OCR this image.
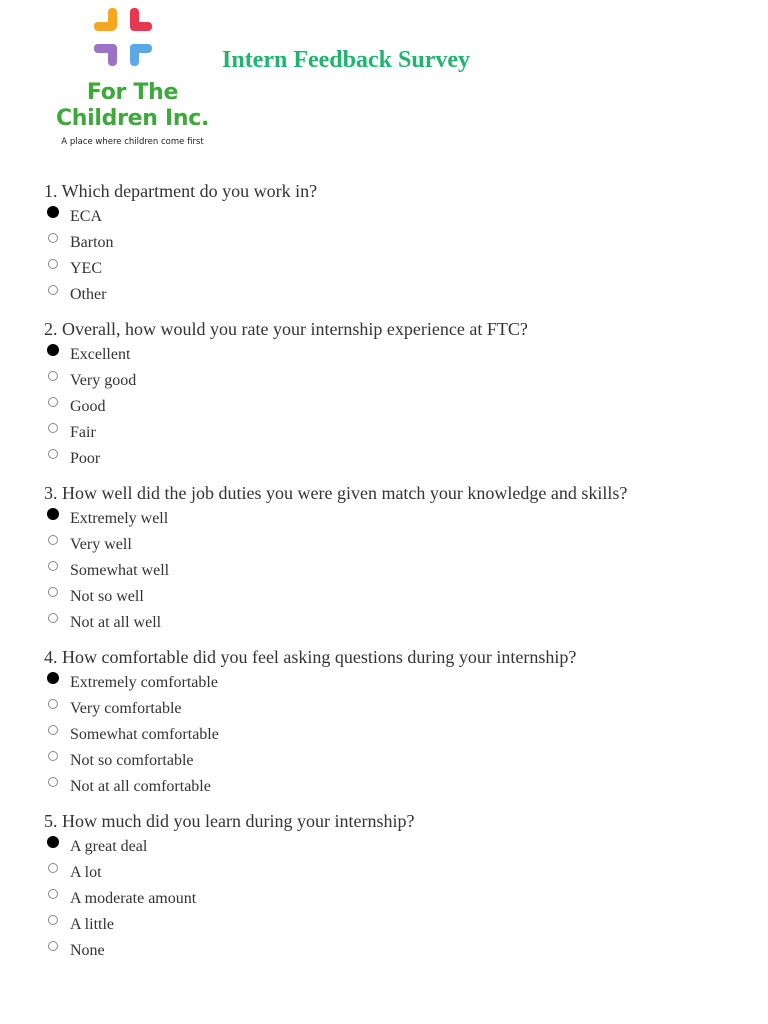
For The
Children Inc.
A place where children come first
Intern Feedback Survey
1. Which department do you work in?
ECA
Barton
YEC
Other
2. Overall, how would you rate your internship experience at FTC?
Excellent
Very good
Good
Fair
Poor
3. How well did the job duties you were given match your knowledge and skills?
Extremely well
Very well
Somewhat well
Not so well
Not at all well
4. How comfortable did you feel asking questions during your internship?
Extremely comfortable
Very comfortable
Somewhat comfortable
Not so comfortable
Not at all comfortable
5. How much did you learn during your internship?
A great deal
A lot
A moderate amount
A little
None
